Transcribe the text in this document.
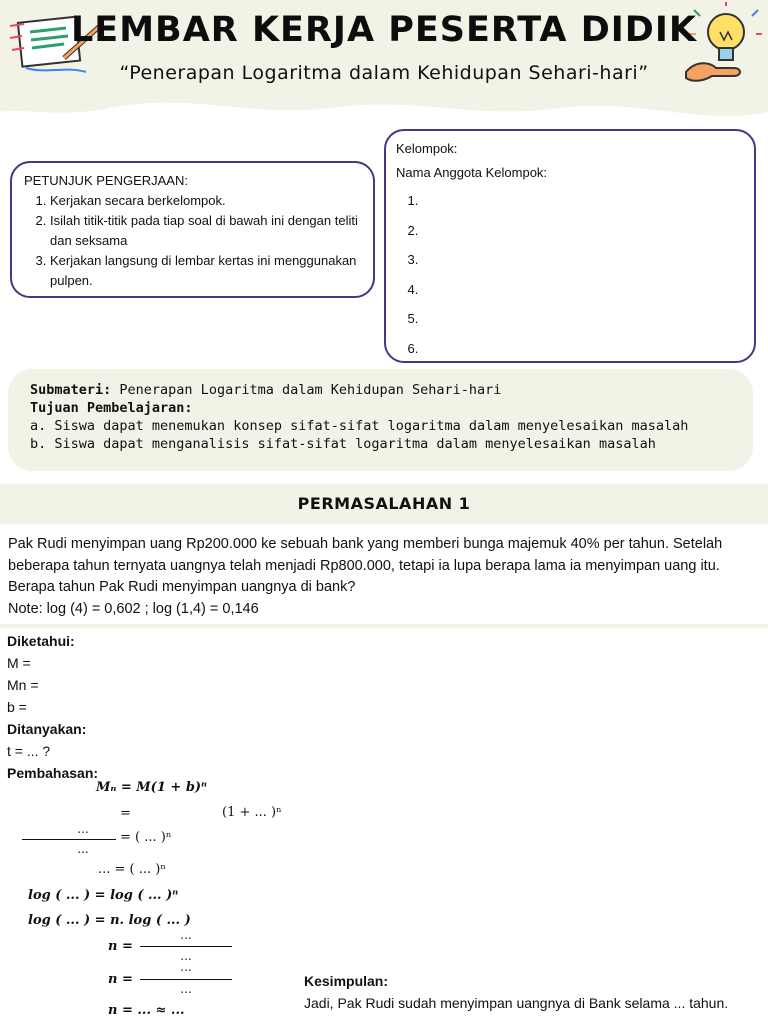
LEMBAR KERJA PESERTA DIDIK
“Penerapan Logaritma dalam Kehidupan Sehari-hari”
PETUNJUK PENGERJAAN:
1. Kerjakan secara berkelompok.
2. Isilah titik-titik pada tiap soal di bawah ini dengan teliti dan seksama
3. Kerjakan langsung di lembar kertas ini menggunakan pulpen.
Kelompok:
Nama Anggota Kelompok:
1.
2.
3.
4.
5.
6.
Submateri: Penerapan Logaritma dalam Kehidupan Sehari-hari
Tujuan Pembelajaran:
a. Siswa dapat menemukan konsep sifat-sifat logaritma dalam menyelesaikan masalah
b. Siswa dapat menganalisis sifat-sifat logaritma dalam menyelesaikan masalah
PERMASALAHAN 1
Pak Rudi menyimpan uang Rp200.000 ke sebuah bank yang memberi bunga majemuk 40% per tahun. Setelah beberapa tahun ternyata uangnya telah menjadi Rp800.000, tetapi ia lupa berapa lama ia menyimpan uang itu. Berapa tahun Pak Rudi menyimpan uangnya di bank?
Note: log (4) = 0,602 ; log (1,4) = 0,146
Diketahui:
M =
Mn =
b =
Ditanyakan:
t = ... ?
Pembahasan:
Mₙ = M(1 + b)ⁿ
=	(1 + ... )ⁿ
...
...
= ( ... )ⁿ
... = ( ... )ⁿ
log ( ... ) = log ( ... )ⁿ
log ( ... ) = n. log ( ... )
n =
...
...
n =
...
...
n = ... ≈ ...
Kesimpulan:
Jadi, Pak Rudi sudah menyimpan uangnya di Bank selama ... tahun.
